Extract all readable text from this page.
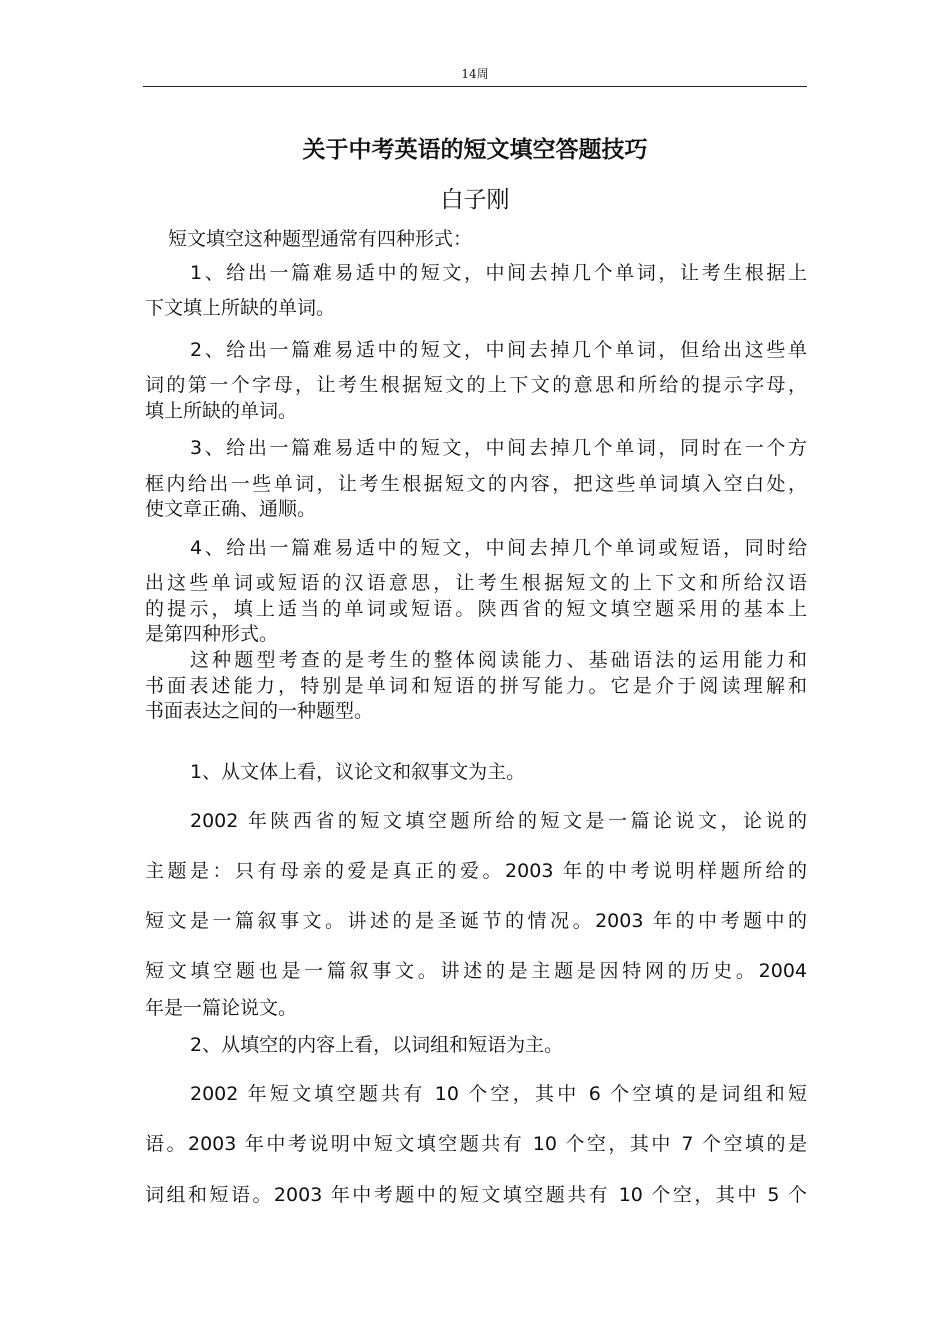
14周
关于中考英语的短文填空答题技巧
白子刚
短文填空这种题型通常有四种形式：
1、给出一篇难易适中的短文，中间去掉几个单词，让考生根据上
下文填上所缺的单词。
2、给出一篇难易适中的短文，中间去掉几个单词，但给出这些单
词的第一个字母，让考生根据短文的上下文的意思和所给的提示字母，
填上所缺的单词。
3、给出一篇难易适中的短文，中间去掉几个单词，同时在一个方
框内给出一些单词，让考生根据短文的内容，把这些单词填入空白处，
使文章正确、通顺。
4、给出一篇难易适中的短文，中间去掉几个单词或短语，同时给
出这些单词或短语的汉语意思，让考生根据短文的上下文和所给汉语
的提示，填上适当的单词或短语。陕西省的短文填空题采用的基本上
是第四种形式。
这种题型考查的是考生的整体阅读能力、基础语法的运用能力和
书面表述能力，特别是单词和短语的拼写能力。它是介于阅读理解和
书面表达之间的一种题型。
1、从文体上看，议论文和叙事文为主。
2002 年陕西省的短文填空题所给的短文是一篇论说文，论说的
主题是：只有母亲的爱是真正的爱。2003 年的中考说明样题所给的
短文是一篇叙事文。讲述的是圣诞节的情况。2003 年的中考题中的
短文填空题也是一篇叙事文。讲述的是主题是因特网的历史。2004
年是一篇论说文。
2、从填空的内容上看，以词组和短语为主。
2002 年短文填空题共有 10 个空，其中 6 个空填的是词组和短
语。2003 年中考说明中短文填空题共有 10 个空，其中 7 个空填的是
词组和短语。2003 年中考题中的短文填空题共有 10 个空，其中 5 个
